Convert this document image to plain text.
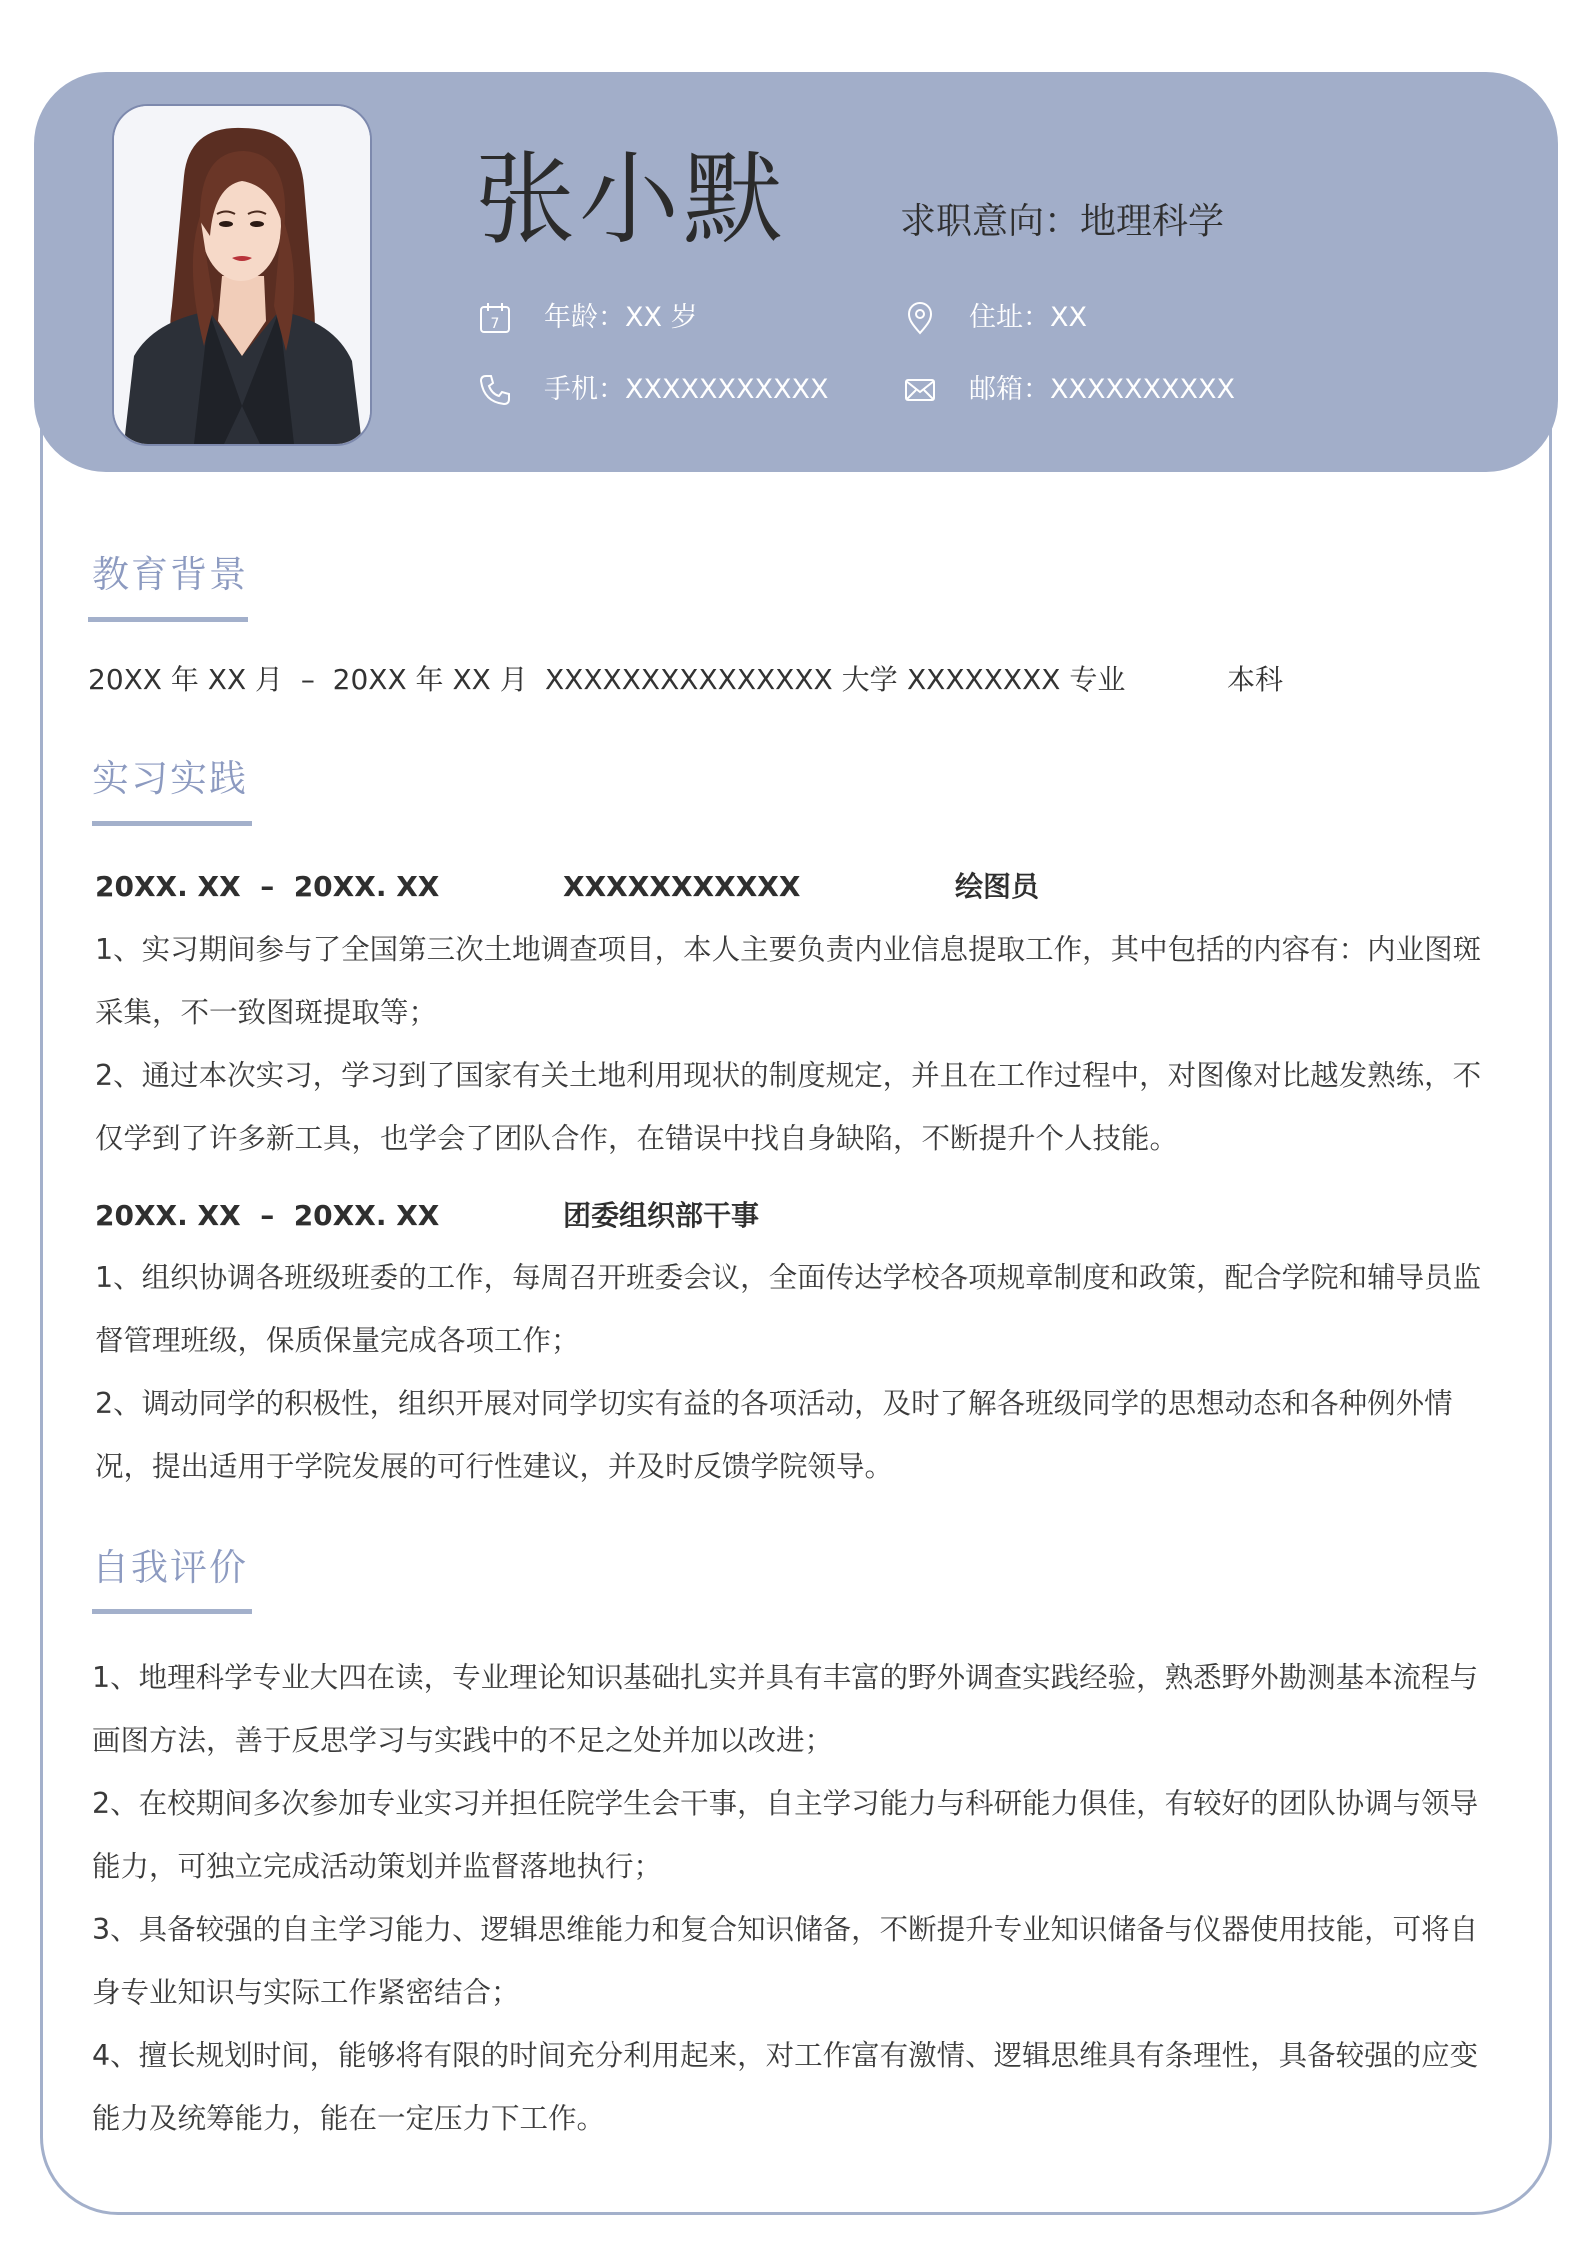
张小默	求职意向：地理科学
7 年龄：XX 岁	住址：XX
手机：XXXXXXXXXXX	邮箱：XXXXXXXXXX
教育背景
20XX 年 XX 月  –  20XX 年 XX 月 XXXXXXXXXXXXXXX 大学 XXXXXXXX 专业	本科
实习实践
20XX. XX  –  20XX. XX	XXXXXXXXXXX	绘图员

1、实习期间参与了全国第三次土地调查项目，本人主要负责内业信息提取工作，其中包括的内容有：内业图斑采集，不一致图斑提取等；

2、通过本次实习，学习到了国家有关土地利用现状的制度规定，并且在工作过程中，对图像对比越发熟练，不仅学到了许多新工具，也学会了团队合作，在错误中找自身缺陷，不断提升个人技能。

20XX. XX  –  20XX. XX	团委组织部干事

1、组织协调各班级班委的工作，每周召开班委会议，全面传达学校各项规章制度和政策，配合学院和辅导员监督管理班级，保质保量完成各项工作；

2、调动同学的积极性，组织开展对同学切实有益的各项活动，及时了解各班级同学的思想动态和各种例外情况，提出适用于学院发展的可行性建议，并及时反馈学院领导。

自我评价

1、地理科学专业大四在读，专业理论知识基础扎实并具有丰富的野外调查实践经验，熟悉野外勘测基本流程与画图方法，善于反思学习与实践中的不足之处并加以改进；

2、在校期间多次参加专业实习并担任院学生会干事，自主学习能力与科研能力俱佳，有较好的团队协调与领导能力，可独立完成活动策划并监督落地执行；

3、具备较强的自主学习能力、逻辑思维能力和复合知识储备，不断提升专业知识储备与仪器使用技能，可将自身专业知识与实际工作紧密结合；

4、擅长规划时间，能够将有限的时间充分利用起来，对工作富有激情、逻辑思维具有条理性，具备较强的应变能力及统筹能力，能在一定压力下工作。
